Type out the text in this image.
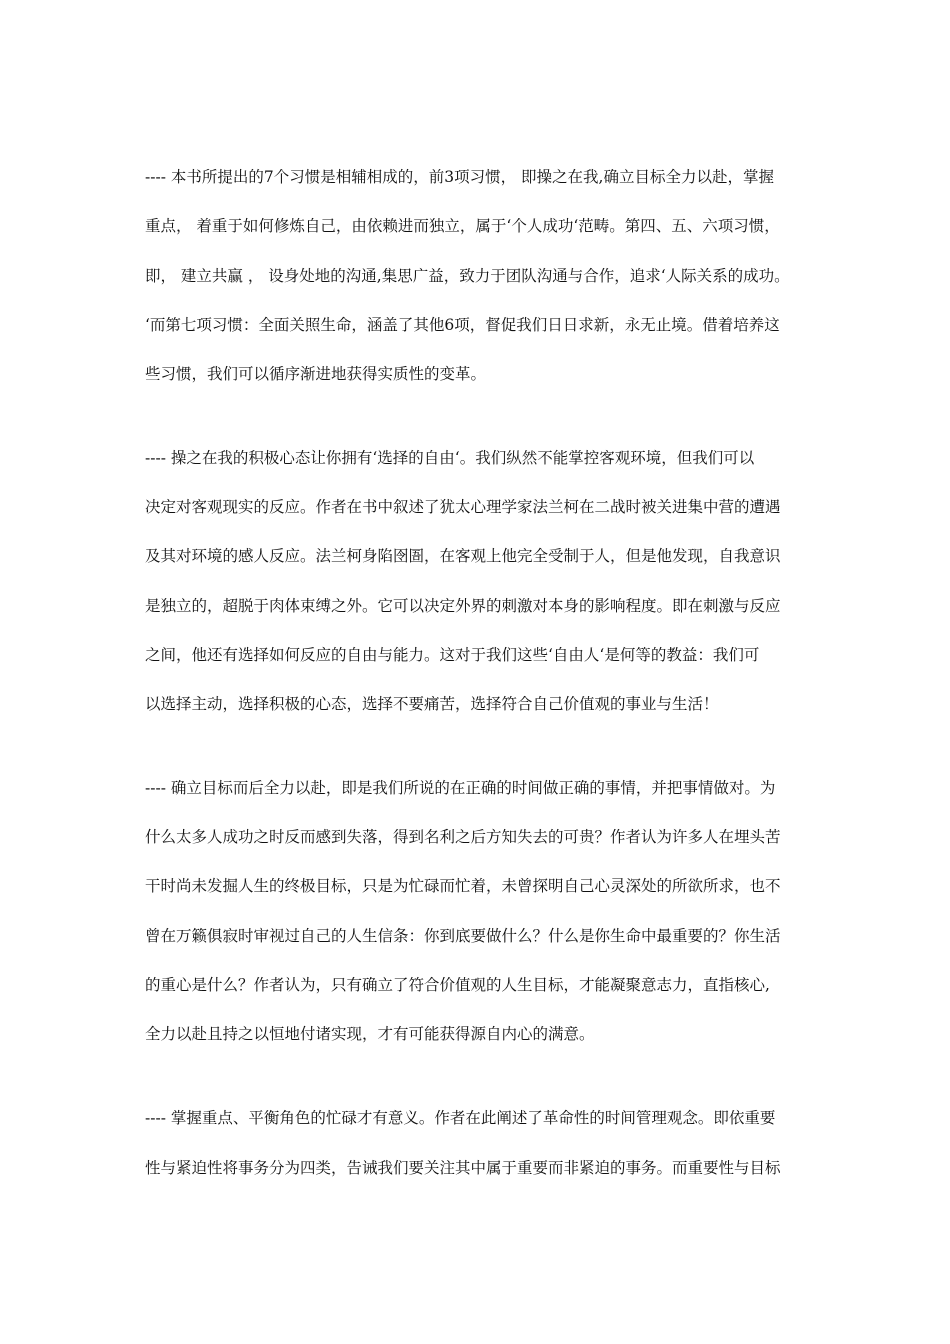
---- 本书所提出的7个习惯是相辅相成的，前3项习惯， 即操之在我,确立目标全力以赴，掌握
重点， 着重于如何修炼自己，由依赖进而独立，属于‘个人成功‘范畴。第四、五、六项习惯，
即， 建立共赢 ， 设身处地的沟通,集思广益，致力于团队沟通与合作，追求‘人际关系的成功。
‘而第七项习惯：全面关照生命，涵盖了其他6项，督促我们日日求新，永无止境。借着培养这
些习惯，我们可以循序渐进地获得实质性的变革。
---- 操之在我的积极心态让你拥有‘选择的自由‘。我们纵然不能掌控客观环境，但我们可以
决定对客观现实的反应。作者在书中叙述了犹太心理学家法兰柯在二战时被关进集中营的遭遇
及其对环境的感人反应。法兰柯身陷囹圄，在客观上他完全受制于人，但是他发现，自我意识
是独立的，超脱于肉体束缚之外。它可以决定外界的刺激对本身的影响程度。即在刺激与反应
之间，他还有选择如何反应的自由与能力。这对于我们这些‘自由人‘是何等的教益：我们可
以选择主动，选择积极的心态，选择不要痛苦，选择符合自己价值观的事业与生活！
---- 确立目标而后全力以赴，即是我们所说的在正确的时间做正确的事情，并把事情做对。为
什么太多人成功之时反而感到失落，得到名利之后方知失去的可贵？作者认为许多人在埋头苦
干时尚未发掘人生的终极目标，只是为忙碌而忙着，未曾探明自己心灵深处的所欲所求，也不
曾在万籁俱寂时审视过自己的人生信条：你到底要做什么？什么是你生命中最重要的？你生活
的重心是什么？作者认为，只有确立了符合价值观的人生目标，才能凝聚意志力，直指核心,
全力以赴且持之以恒地付诸实现，才有可能获得源自内心的满意。
---- 掌握重点、平衡角色的忙碌才有意义。作者在此阐述了革命性的时间管理观念。即依重要
性与紧迫性将事务分为四类，告诫我们要关注其中属于重要而非紧迫的事务。而重要性与目标
